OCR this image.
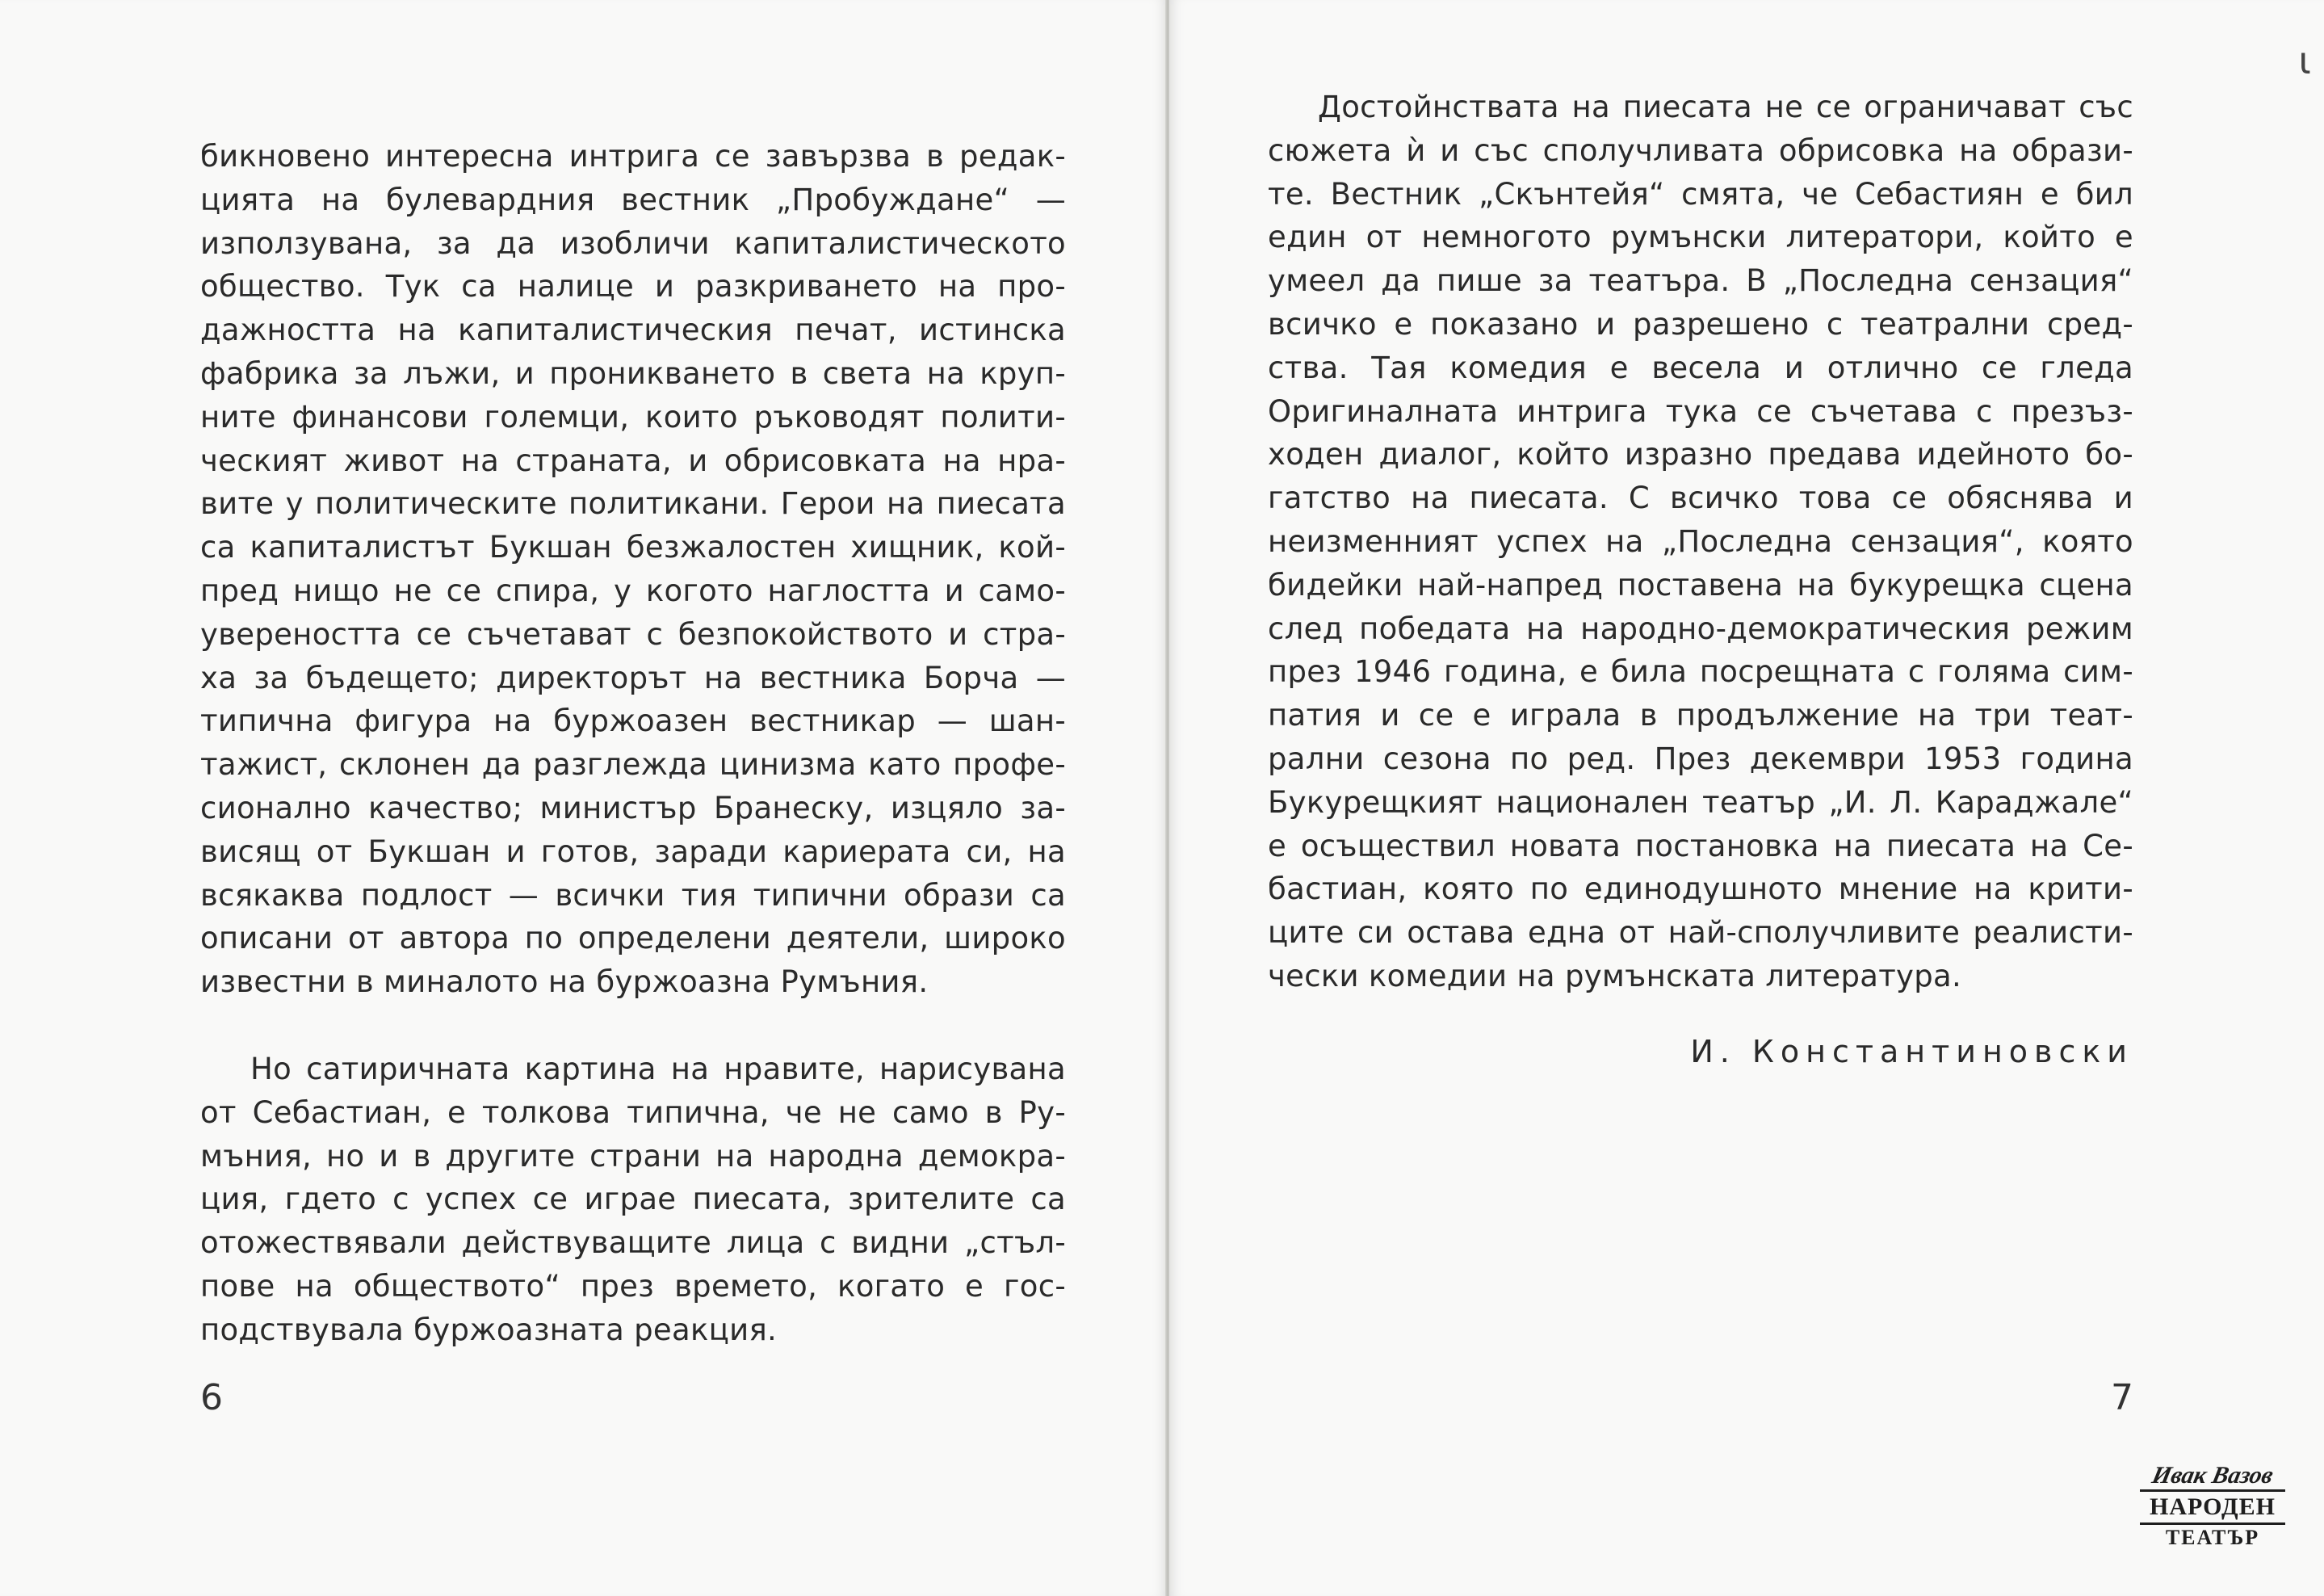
бикновено интересна интрига се завързва в редак-
цията на булевардния вестник „Пробуждане“ —
използувана, за да изобличи капиталистическото
общество. Тук са налице и разкриването на про-
дажността на капиталистическия печат, истинска
фабрика за лъжи, и проникването в света на круп-
ните финансови големци, които ръководят полити-
ческият живот на страната, и обрисовката на нра-
вите у политическите политикани. Герои на пиесата
са капиталистът Букшан безжалостен хищник, кой-
пред нищо не се спира, у когото наглостта и само-
увереността се съчетават с безпокойството и стра-
ха за бъдещето; директорът на вестника Борча —
типична фигура на буржоазен вестникар — шан-
тажист, склонен да разглежда цинизма като профе-
сионално качество; министър Бранеску, изцяло за-
висящ от Букшан и готов, заради кариерата си, на
всякаква подлост — всички тия типични образи са
описани от автора по определени деятели, широко
известни в миналото на буржоазна Румъния.

Но сатиричната картина на нравите, нарисувана
от Себастиан, е толкова типична, че не само в Ру-
мъния, но и в другите страни на народна демокра-
ция, гдето с успех се играе пиесата, зрителите са
отожествявали действуващите лица с видни „стъл-
пове на обществото“ през времето, когато е гос-
подствувала буржоазната реакция.

6
ι

Достойнствата на пиесата не се ограничават със
сюжета ѝ и със сполучливата обрисовка на образи-
те. Вестник „Скънтейя“ смята, че Себастиян е бил
един от немногото румънски литератори, който е
умеел да пише за театъра. В „Последна сензация“
всичко е показано и разрешено с театрални сред-
ства. Тая комедия е весела и отлично се гледа
Оригиналната интрига тука се съчетава с презъз-
ходен диалог, който изразно предава идейното бо-
гатство на пиесата. С всичко това се обяснява и
неизменният успех на „Последна сензация“, която
бидейки най-напред поставена на букурещка сцена
след победата на народно-демократическия режим
през 1946 година, е била посрещната с голяма сим-
патия и се е играла в продължение на три теат-
рални сезона по ред. През декември 1953 година
Букурещкият национален театър „И. Л. Караджале“
е осъществил новата постановка на пиесата на Се-
бастиан, която по единодушното мнение на крити-
ците си остава една от най-сполучливите реалисти-
чески комедии на румънската литература.

И. Константиновски
7
Ивак Вазов
НАРОДЕН
ТЕАТЪР
